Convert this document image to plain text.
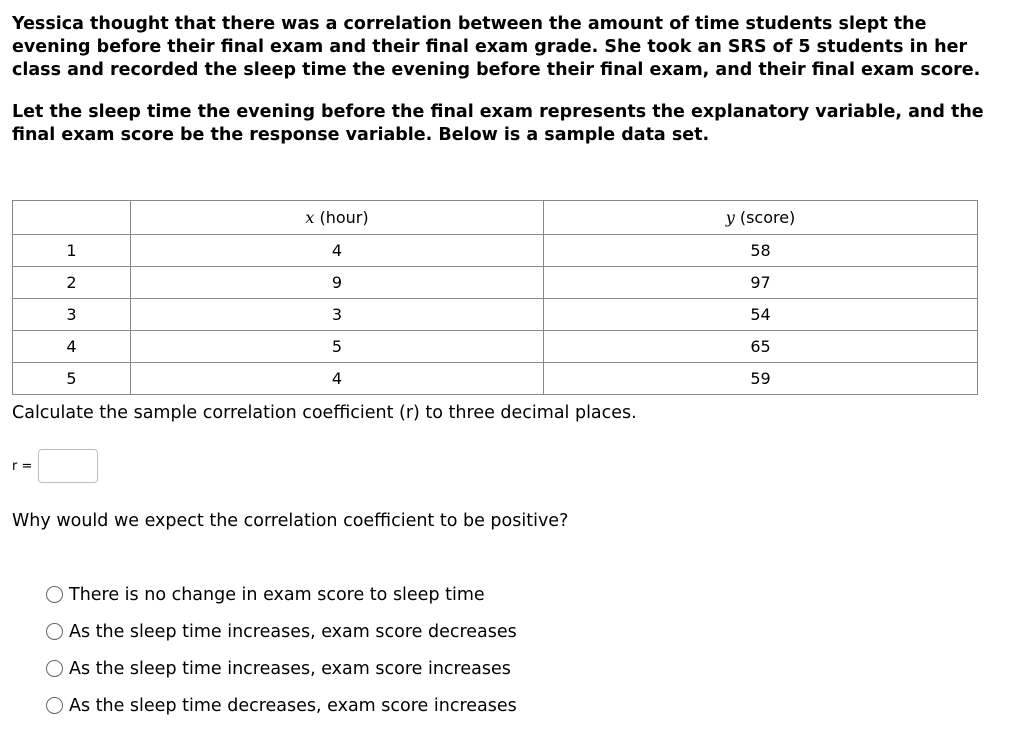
Yessica thought that there was a correlation between the amount of time students slept the evening before their final exam and their final exam grade. She took an SRS of 5 students in her class and recorded the sleep time the evening before their final exam, and their final exam score.

Let the sleep time the evening before the final exam represents the explanatory variable, and the final exam score be the response variable. Below is a sample data set.

	x (hour)	y (score)
1	4	58
2	9	97
3	3	54
4	5	65
5	4	59

Calculate the sample correlation coefficient (r) to three decimal places.

r =

Why would we expect the correlation coefficient to be positive?

There is no change in exam score to sleep time
As the sleep time increases, exam score decreases
As the sleep time increases, exam score increases
As the sleep time decreases, exam score increases
